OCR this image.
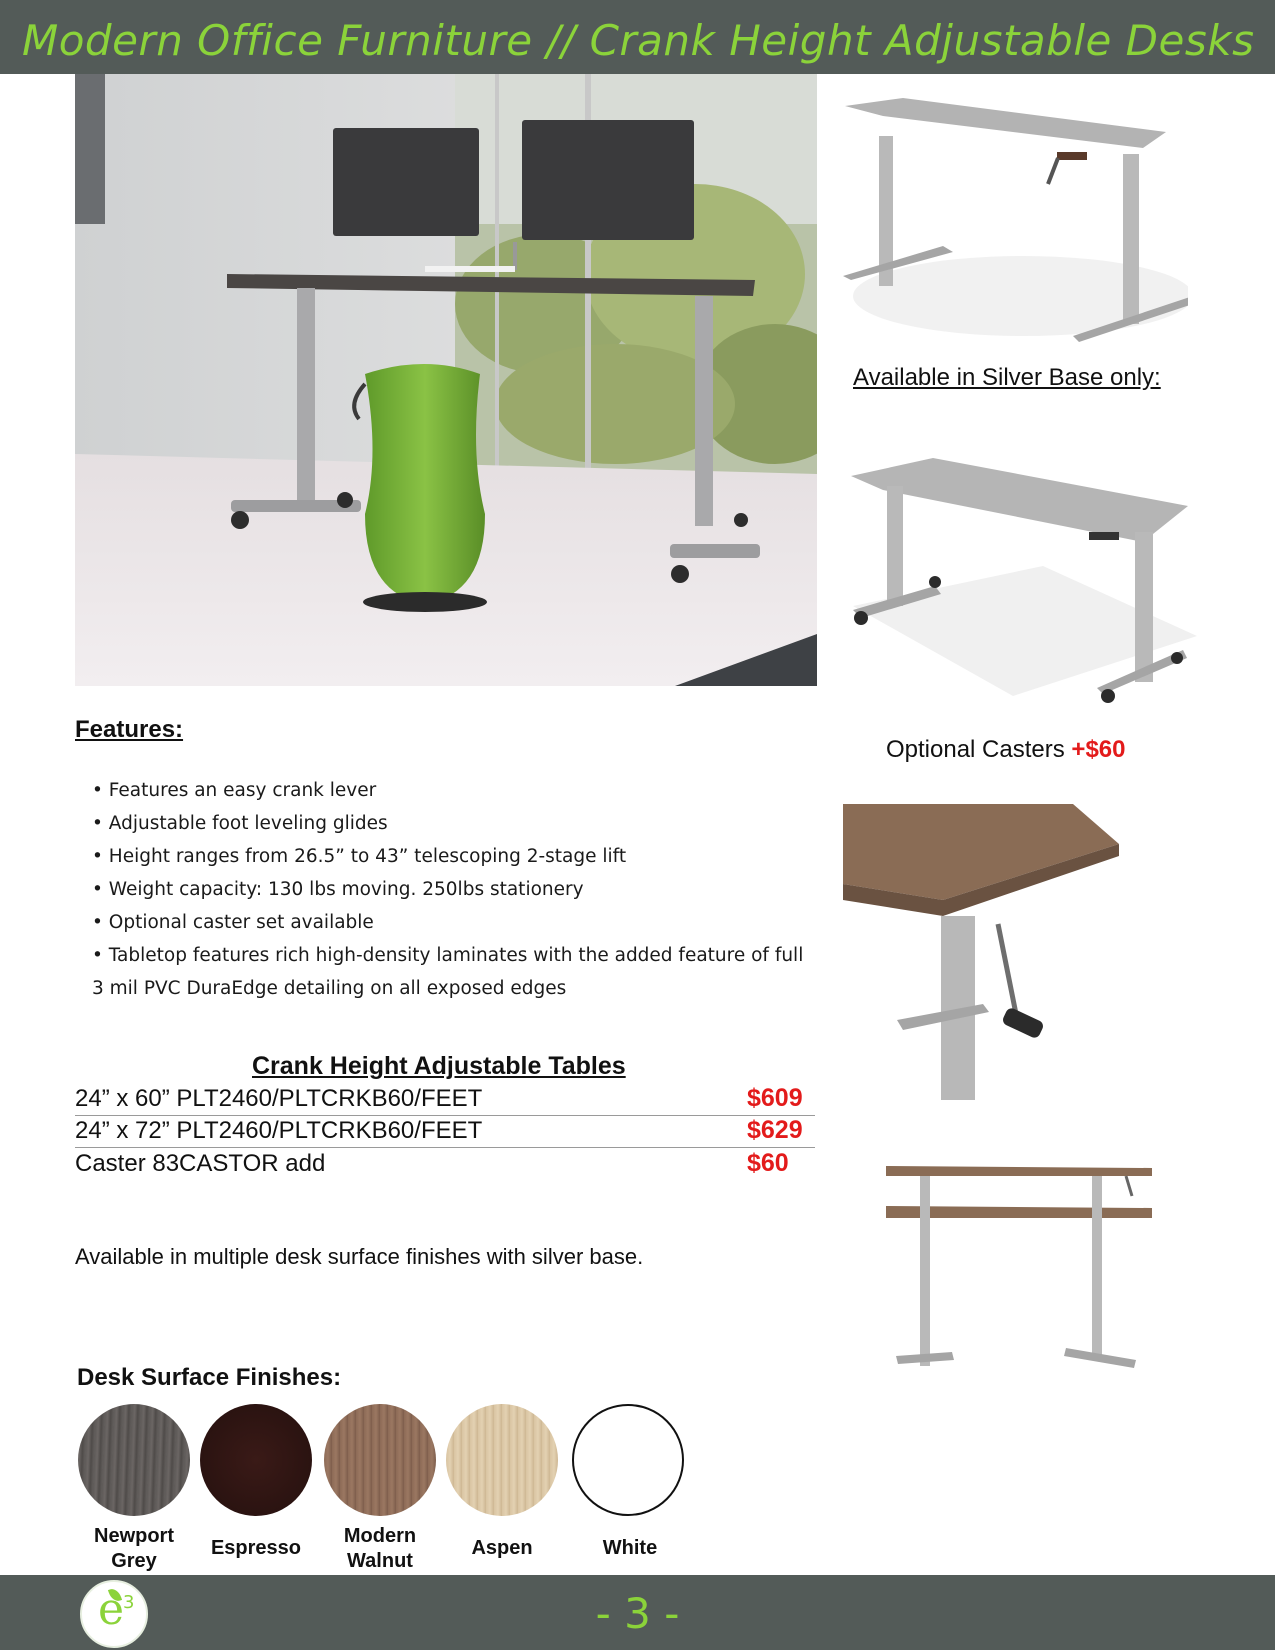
Modern Office Furniture // Crank Height Adjustable Desks
Available in Silver Base only:
Optional Casters +$60
Features:
• Features an easy crank lever
• Adjustable foot leveling glides
• Height ranges from 26.5” to 43” telescoping 2-stage lift
• Weight capacity: 130 lbs moving. 250lbs stationery
• Optional caster set available
• Tabletop features rich high-density laminates with the added feature of full 3 mil PVC DuraEdge detailing on all exposed edges
Crank Height Adjustable Tables
24” x 60” PLT2460/PLTCRKB60/FEET	$609
24” x 72” PLT2460/PLTCRKB60/FEET	$629
Caster 83CASTOR add	$60
Available in multiple desk surface finishes with silver base.
Desk Surface Finishes:
Newport Grey
Espresso
Modern Walnut
Aspen	White
- 3 -
e
3
